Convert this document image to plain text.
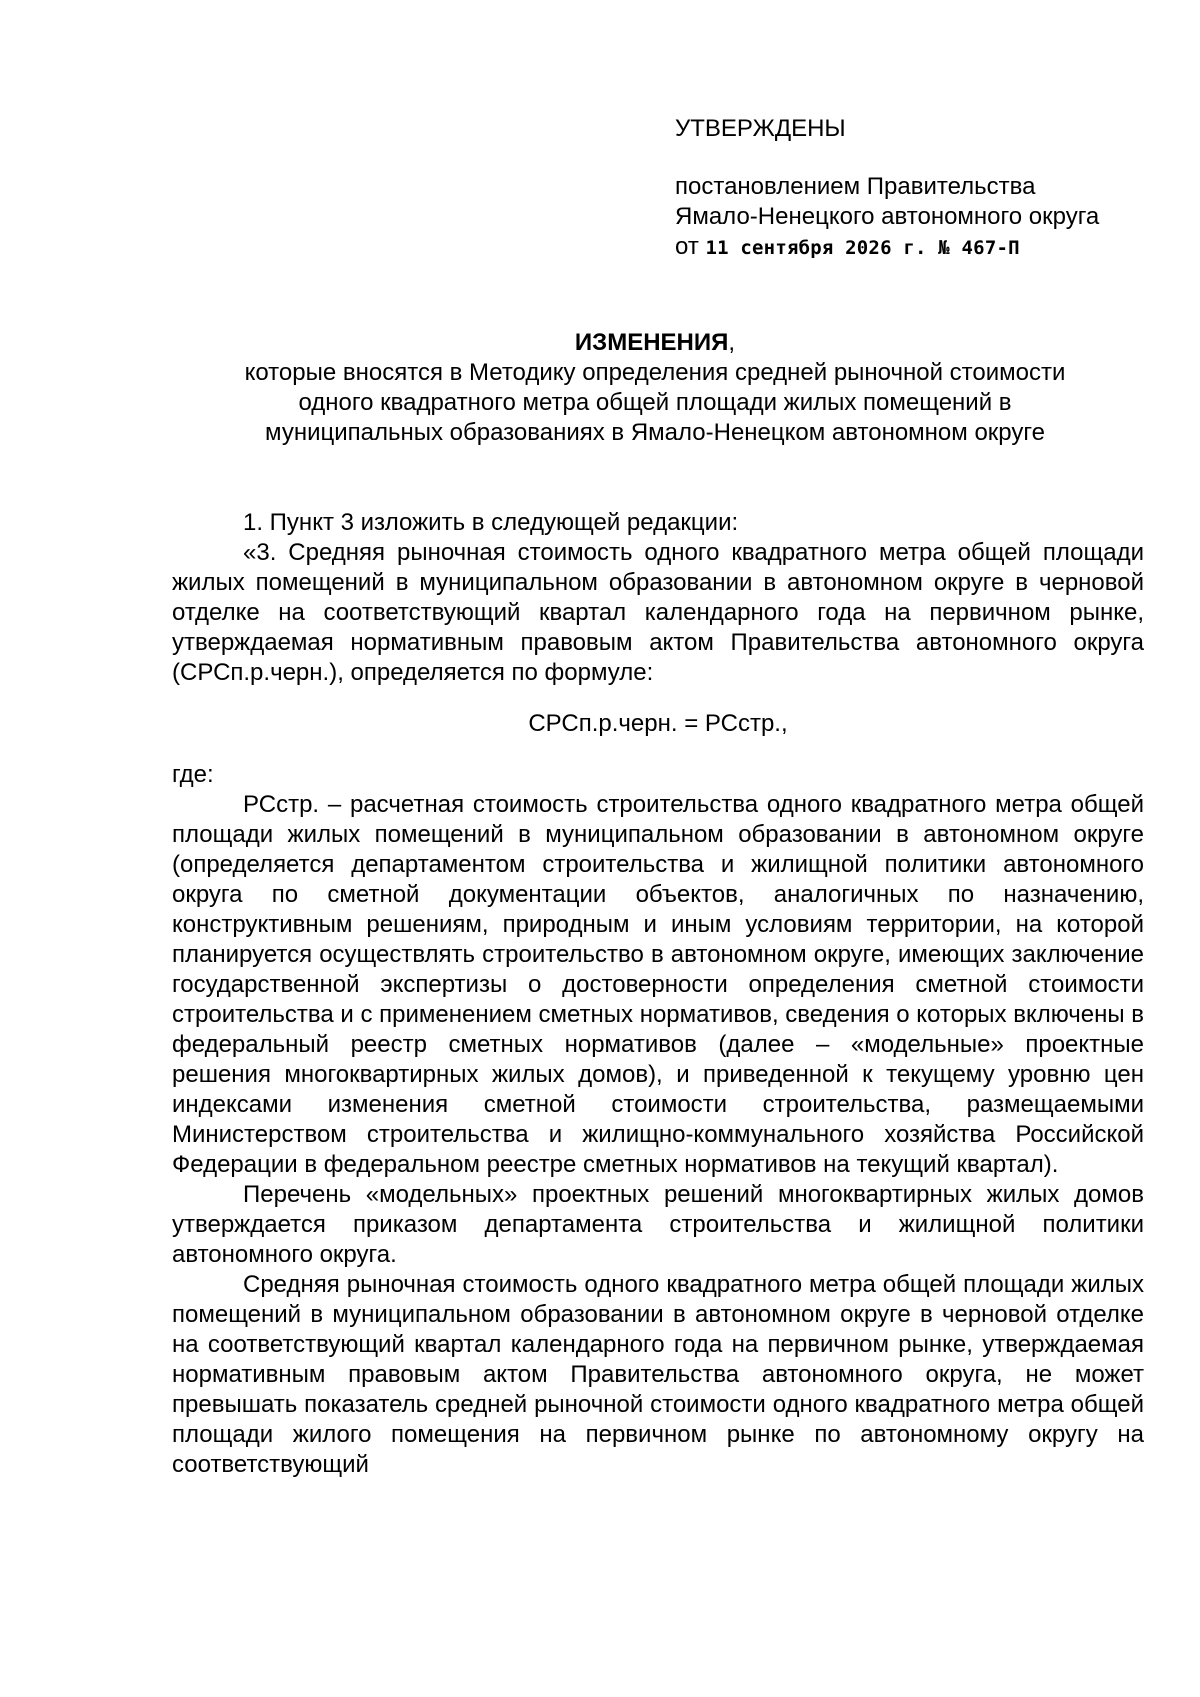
УТВЕРЖДЕНЫ
постановлением Правительства
Ямало-Ненецкого автономного округа
от 11 сентября 2026 г. № 467-П
ИЗМЕНЕНИЯ,
которые вносятся в Методику определения средней рыночной стоимости
одного квадратного метра общей площади жилых помещений в
муниципальных образованиях в Ямало-Ненецком автономном округе

1. Пункт 3 изложить в следующей редакции:

«3. Средняя рыночная стоимость одного квадратного метра общей площади жилых помещений в муниципальном образовании в автономном округе в черновой отделке на соответствующий квартал календарного года на первичном рынке, утверждаемая нормативным правовым актом Правительства автономного округа (СРСп.р.черн.), определяется по формуле:

СРСп.р.черн. = РСстр.,

где:

РСстр. – расчетная стоимость строительства одного квадратного метра общей площади жилых помещений в муниципальном образовании в автономном округе (определяется департаментом строительства и жилищной политики автономного округа по сметной документации объектов, аналогичных по назначению, конструктивным решениям, природным и иным условиям территории, на которой планируется осуществлять строительство в автономном округе, имеющих заключение государственной экспертизы о достоверности определения сметной стоимости строительства и с применением сметных нормативов, сведения о которых включены в федеральный реестр сметных нормативов (далее – «модельные» проектные решения многоквартирных жилых домов), и приведенной к текущему уровню цен индексами изменения сметной стоимости строительства, размещаемыми Министерством строительства и жилищно-коммунального хозяйства Российской Федерации в федеральном реестре сметных нормативов на текущий квартал).

Перечень «модельных» проектных решений многоквартирных жилых домов утверждается приказом департамента строительства и жилищной политики автономного округа.

Средняя рыночная стоимость одного квадратного метра общей площади жилых помещений в муниципальном образовании в автономном округе в черновой отделке на соответствующий квартал календарного года на первичном рынке, утверждаемая нормативным правовым актом Правительства автономного округа, не может превышать показатель средней рыночной стоимости одного квадратного метра общей площади жилого помещения на первичном рынке по автономному округу на соответствующий
